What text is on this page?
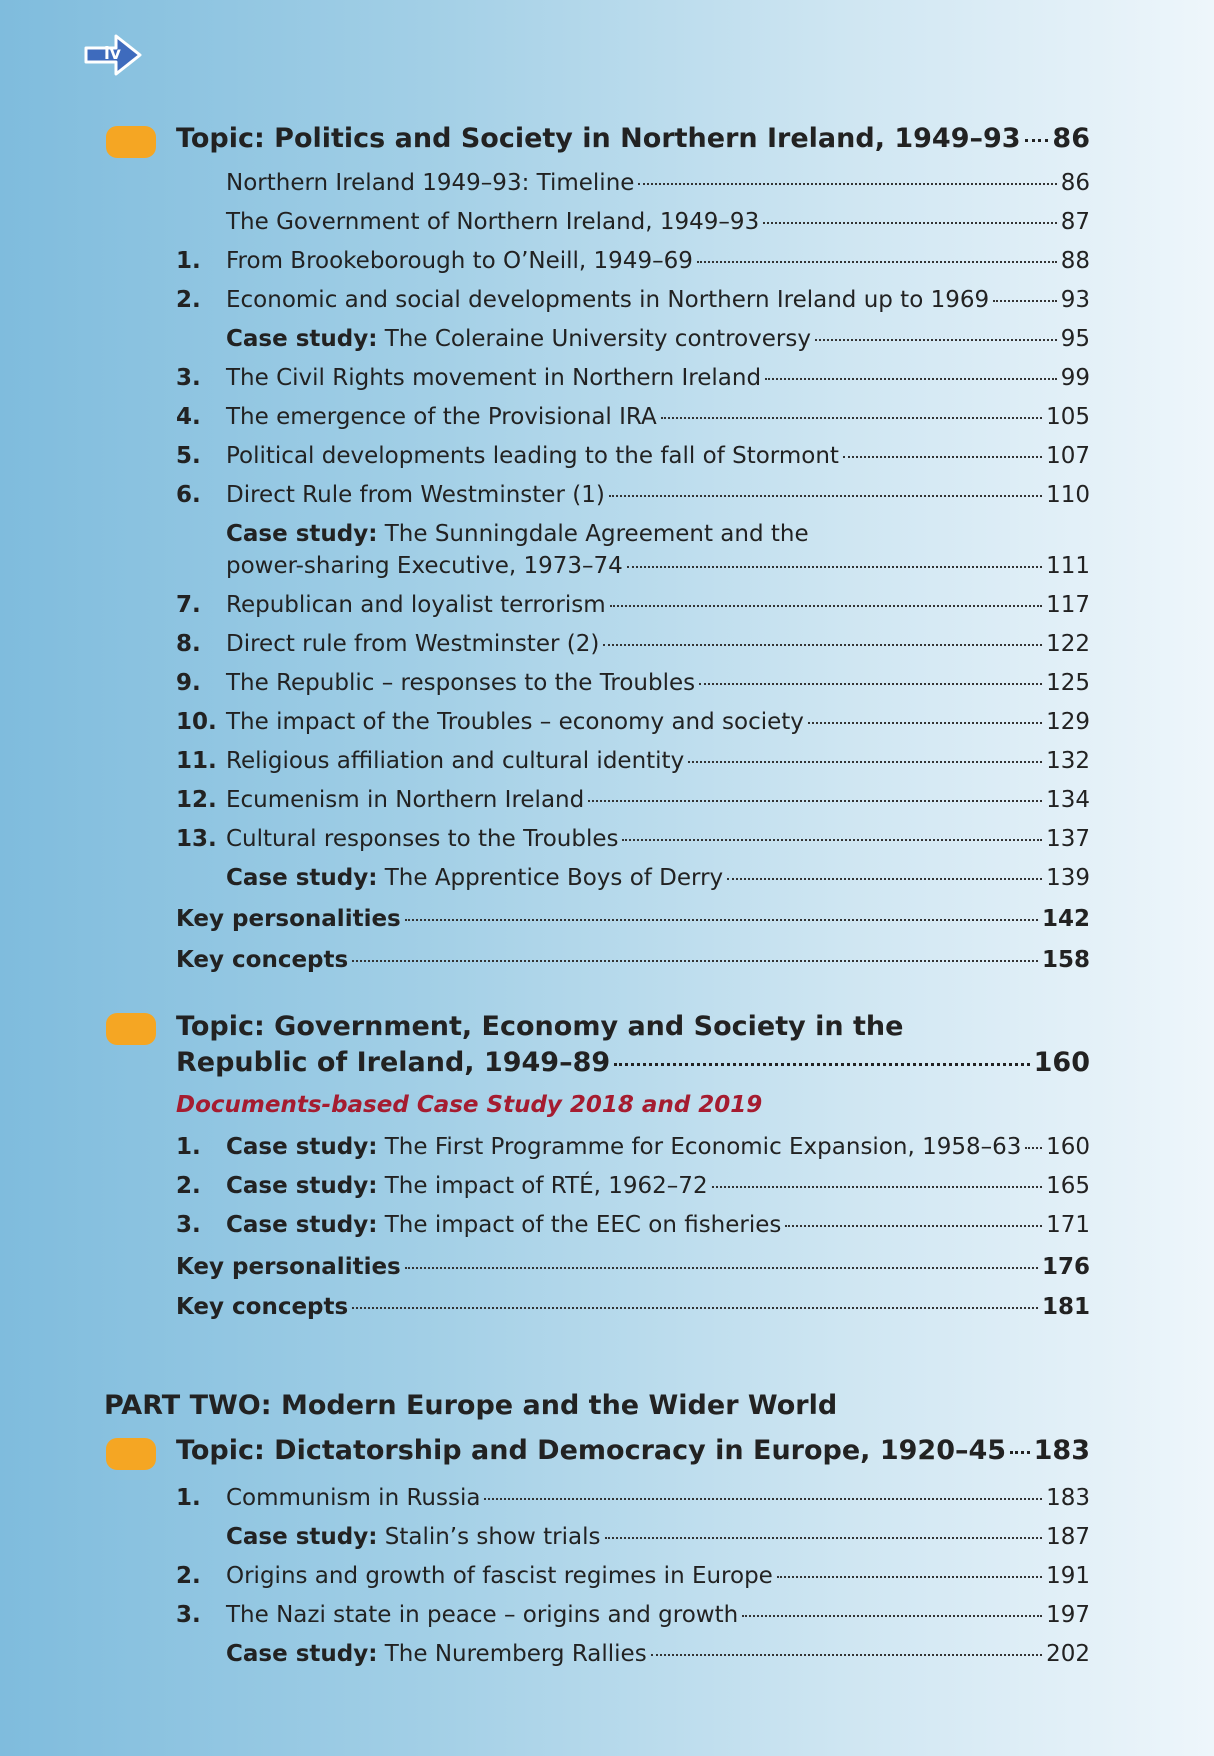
iv
Topic: Politics and Society in Northern Ireland, 1949–93 86
Northern Ireland 1949–93: Timeline	86
The Government of Northern Ireland, 1949–93	87
1.	From Brookeborough to O’Neill, 1949–69	88
2.	Economic and social developments in Northern Ireland up to 1969	93
Case study: The Coleraine University controversy	95
3.	The Civil Rights movement in Northern Ireland	99
4.	The emergence of the Provisional IRA	105
5.	Political developments leading to the fall of Stormont	107
6.	Direct Rule from Westminster (1)	110
Case study: The Sunningdale Agreement and the
power-sharing Executive, 1973–74	111
7.	Republican and loyalist terrorism	117
8.	Direct rule from Westminster (2)	122
9.	The Republic – responses to the Troubles	125
10. The impact of the Troubles – economy and society	129
11. Religious affiliation and cultural identity	132
12. Ecumenism in Northern Ireland	134
13. Cultural responses to the Troubles	137
Case study: The Apprentice Boys of Derry	139
Key personalities	142
Key concepts	158
Topic: Government, Economy and Society in the
Republic of Ireland, 1949–89	160
Documents-based Case Study 2018 and 2019
1.	Case study: The First Programme for Economic Expansion, 1958–63 160
2.	Case study: The impact of RTÉ, 1962–72	165
3.	Case study: The impact of the EEC on fisheries	171
Key personalities	176
Key concepts	181
PART TWO: Modern Europe and the Wider World
Topic: Dictatorship and Democracy in Europe, 1920–45 183
1.	Communism in Russia	183
Case study: Stalin’s show trials	187
2.	Origins and growth of fascist regimes in Europe	191
3.	The Nazi state in peace – origins and growth	197
Case study: The Nuremberg Rallies	202
